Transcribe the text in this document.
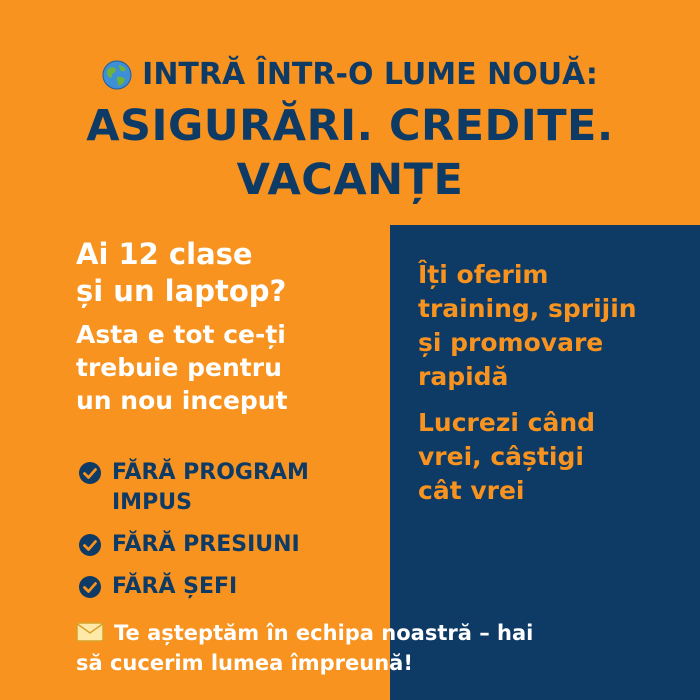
INTRĂ ÎNTR-O LUME NOUĂ:
ASIGURĂRI. CREDITE.
VACANȚE
Ai 12 clase
și un laptop?
Asta e tot ce-ți
trebuie pentru
un nou inceput
FĂRĂ PROGRAM
IMPUS
FĂRĂ PRESIUNI
FĂRĂ ȘEFI
Îți oferim
training, sprijin
și promovare
rapidă
Lucrezi când
vrei, câștigi
cât vrei
Te așteptăm în echipa noastră – hai
să cucerim lumea împreună!
